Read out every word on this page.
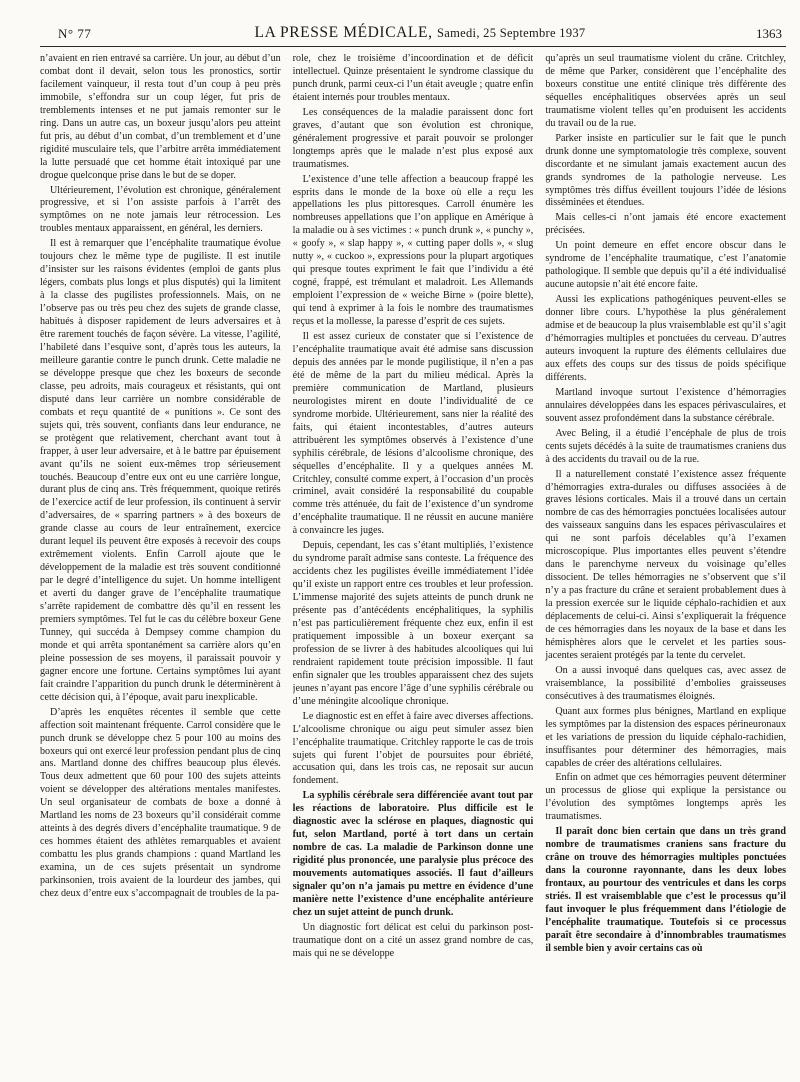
N° 77	LA PRESSE MÉDICALE, Samedi, 25 Septembre 1937	1363

n’avaient en rien entravé sa carrière. Un jour, au début d’un combat dont il devait, selon tous les pronostics, sortir facilement vainqueur, il resta tout d’un coup à peu près immobile, s’effondra sur un coup léger, fut pris de tremblements intenses et ne put jamais remonter sur le ring. Dans un autre cas, un boxeur jusqu’alors peu atteint fut pris, au début d’un combat, d’un tremblement et d’une rigidité musculaire tels, que l’arbitre arrêta immédiatement la lutte persuadé que cet homme était intoxiqué par une drogue quelconque prise dans le but de se doper.

Ultérieurement, l’évolution est chronique, généralement progressive, et si l’on assiste parfois à l’arrêt des symptômes on ne note jamais leur rétrocession. Les troubles mentaux apparaissent, en général, les derniers.

Il est à remarquer que l’encéphalite traumatique évolue toujours chez le même type de pugiliste. Il est inutile d’insister sur les raisons évidentes (emploi de gants plus légers, combats plus longs et plus disputés) qui la limitent à la classe des pugilistes professionnels. Mais, on ne l’observe pas ou très peu chez des sujets de grande classe, habitués à disposer rapidement de leurs adversaires et à être rarement touchés de façon sévère. La vitesse, l’agilité, l’habileté dans l’esquive sont, d’après tous les auteurs, la meilleure garantie contre le punch drunk. Cette maladie ne se développe presque que chez les boxeurs de seconde classe, peu adroits, mais courageux et résistants, qui ont disputé dans leur carrière un nombre considérable de combats et reçu quantité de « punitions ». Ce sont des sujets qui, très souvent, confiants dans leur endurance, ne se protègent que relativement, cherchant avant tout à frapper, à user leur adversaire, et à le battre par épuisement avant qu’ils ne soient eux-mêmes trop sérieusement touchés. Beaucoup d’entre eux ont eu une carrière longue, durant plus de cinq ans. Très fréquemment, quoique retirés de l’exercice actif de leur profession, ils continuent à servir d’adversaires, de « sparring partners » à des boxeurs de grande classe au cours de leur entraînement, exercice durant lequel ils peuvent être exposés à recevoir des coups extrêmement violents. Enfin Carroll ajoute que le développement de la maladie est très souvent conditionné par le degré d’intelligence du sujet. Un homme intelligent et averti du danger grave de l’encéphalite traumatique s’arrête rapidement de combattre dès qu’il en ressent les premiers symptômes. Tel fut le cas du célèbre boxeur Gene Tunney, qui succéda à Dempsey comme champion du monde et qui arrêta spontanément sa carrière alors qu’en pleine possession de ses moyens, il paraissait pouvoir y gagner encore une fortune. Certains symptômes lui ayant fait craindre l’apparition du punch drunk le déterminèrent à cette décision qui, à l’époque, avait paru inexplicable.

D’après les enquêtes récentes il semble que cette affection soit maintenant fréquente. Carrol considère que le punch drunk se développe chez 5 pour 100 au moins des boxeurs qui ont exercé leur profession pendant plus de cinq ans. Martland donne des chiffres beaucoup plus élevés. Tous deux admettent que 60 pour 100 des sujets atteints voient se développer des altérations mentales manifestes. Un seul organisateur de combats de boxe a donné à Martland les noms de 23 boxeurs qu’il considérait comme atteints à des degrés divers d’encéphalite traumatique. 9 de ces hommes étaient des athlètes remarquables et avaient combattu les plus grands champions : quand Martland les examina, un de ces sujets présentait un syndrome parkinsonien, trois avaient de la lourdeur des jambes, qui chez deux d’entre eux s’accompagnait de troubles de la pa-

role, chez le troisième d’incoordination et de déficit intellectuel. Quinze présentaient le syndrome classique du punch drunk, parmi ceux-ci l’un était aveugle ; quatre enfin étaient internés pour troubles mentaux.

Les conséquences de la maladie paraissent donc fort graves, d’autant que son évolution est chronique, généralement progressive et parait pouvoir se prolonger longtemps après que le malade n’est plus exposé aux traumatismes.

L’existence d’une telle affection a beaucoup frappé les esprits dans le monde de la boxe où elle a reçu les appellations les plus pittoresques. Carroll énumère les nombreuses appellations que l’on applique en Amérique à la maladie ou à ses victimes : « punch drunk », « punchy », « goofy », « slap happy », « cutting paper dolls », « slug nutty », « cuckoo », expressions pour la plupart argotiques qui presque toutes expriment le fait que l’individu a été cogné, frappé, est trémulant et maladroit. Les Allemands emploient l’expression de « weiche Birne » (poire blette), qui tend à exprimer à la fois le nombre des traumatismes reçus et la mollesse, la paresse d’esprit de ces sujets.

Il est assez curieux de constater que si l’existence de l’encéphalite traumatique avait été admise sans discussion depuis des années par le monde pugilistique, il n’en a pas été de même de la part du milieu médical. Après la première communication de Martland, plusieurs neurologistes mirent en doute l’individualité de ce syndrome morbide. Ultérieurement, sans nier la réalité des faits, qui étaient incontestables, d’autres auteurs attribuèrent les symptômes observés à l’existence d’une syphilis cérébrale, de lésions d’alcoolisme chronique, des séquelles d’encéphalite. Il y a quelques années M. Critchley, consulté comme expert, à l’occasion d’un procès criminel, avait considéré la responsabilité du coupable comme très atténuée, du fait de l’existence d’un syndrome d’encéphalite traumatique. Il ne réussit en aucune manière à convaincre les juges.

Depuis, cependant, les cas s’étant multipliés, l’existence du syndrome paraît admise sans conteste. La fréquence des accidents chez les pugilistes éveille immédiatement l’idée qu’il existe un rapport entre ces troubles et leur profession. L’immense majorité des sujets atteints de punch drunk ne présente pas d’antécédents encéphalitiques, la syphilis n’est pas particulièrement fréquente chez eux, enfin il est pratiquement impossible à un boxeur exerçant sa profession de se livrer à des habitudes alcooliques qui lui rendraient rapidement toute précision impossible. Il faut enfin signaler que les troubles apparaissent chez des sujets jeunes n’ayant pas encore l’âge d’une syphilis cérébrale ou d’une méningite alcoolique chronique.

Le diagnostic est en effet à faire avec diverses affections. L’alcoolisme chronique ou aigu peut simuler assez bien l’encéphalite traumatique. Critchley rapporte le cas de trois sujets qui furent l’objet de poursuites pour ébriété, accusation qui, dans les trois cas, ne reposait sur aucun fondement.

La syphilis cérébrale sera différenciée avant tout par les réactions de laboratoire. Plus difficile est le diagnostic avec la sclérose en plaques, diagnostic qui fut, selon Martland, porté à tort dans un certain nombre de cas. La maladie de Parkinson donne une rigidité plus prononcée, une paralysie plus précoce des mouvements automatiques associés. Il faut d’ailleurs signaler qu’on n’a jamais pu mettre en évidence d’une manière nette l’existence d’une encéphalite antérieure chez un sujet atteint de punch drunk.

Un diagnostic fort délicat est celui du parkinson post-traumatique dont on a cité un assez grand nombre de cas, mais qui ne se développe

qu’après un seul traumatisme violent du crâne. Critchley, de même que Parker, considèrent que l’encéphalite des boxeurs constitue une entité clinique très différente des séquelles encéphalitiques observées après un seul traumatisme violent telles qu’en produisent les accidents du travail ou de la rue.

Parker insiste en particulier sur le fait que le punch drunk donne une symptomatologie très complexe, souvent discordante et ne simulant jamais exactement aucun des grands syndromes de la pathologie nerveuse. Les symptômes très diffus éveillent toujours l’idée de lésions disséminées et étendues.

Mais celles-ci n’ont jamais été encore exactement précisées.

Un point demeure en effet encore obscur dans le syndrome de l’encéphalite traumatique, c’est l’anatomie pathologique. Il semble que depuis qu’il a été individualisé aucune autopsie n’ait été encore faite.

Aussi les explications pathogéniques peuvent-elles se donner libre cours. L’hypothèse la plus généralement admise et de beaucoup la plus vraisemblable est qu’il s’agit d’hémorragies multiples et ponctuées du cerveau. D’autres auteurs invoquent la rupture des éléments cellulaires due aux effets des coups sur des tissus de poids spécifique différents.

Martland invoque surtout l’existence d’hémorragies annulaires développées dans les espaces périvasculaires, et souvent assez profondément dans la substance cérébrale.

Avec Beling, il a étudié l’encéphale de plus de trois cents sujets décédés à la suite de traumatismes craniens dus à des accidents du travail ou de la rue.

Il a naturellement constaté l’existence assez fréquente d’hémorragies extra-durales ou diffuses associées à de graves lésions corticales. Mais il a trouvé dans un certain nombre de cas des hémorragies ponctuées localisées autour des vaisseaux sanguins dans les espaces périvasculaires et qui ne sont parfois décelables qu’à l’examen microscopique. Plus importantes elles peuvent s’étendre dans le parenchyme nerveux du voisinage qu’elles dissocient. De telles hémorragies ne s’observent que s’il n’y a pas fracture du crâne et seraient probablement dues à la pression exercée sur le liquide céphalo-rachidien et aux déplacements de celui-ci. Ainsi s’expliquerait la fréquence de ces hémorragies dans les noyaux de la base et dans les hémisphères alors que le cervelet et les parties sous-jacentes seraient protégés par la tente du cervelet.

On a aussi invoqué dans quelques cas, avec assez de vraisemblance, la possibilité d’embolies graisseuses consécutives à des traumatismes éloignés.

Quant aux formes plus bénignes, Martland en explique les symptômes par la distension des espaces périneuronaux et les variations de pression du liquide céphalo-rachidien, insuffisantes pour déterminer des hémorragies, mais capables de créer des altérations cellulaires.

Enfin on admet que ces hémorragies peuvent déterminer un processus de gliose qui explique la persistance ou l’évolution des symptômes longtemps après les traumatismes.

Il paraît donc bien certain que dans un très grand nombre de traumatismes craniens sans fracture du crâne on trouve des hémorragies multiples ponctuées dans la couronne rayonnante, dans les deux lobes frontaux, au pourtour des ventricules et dans les corps striés. Il est vraisemblable que c’est le processus qu’il faut invoquer le plus fréquemment dans l’étiologie de l’encéphalite traumatique. Toutefois si ce processus paraît être secondaire à d’innombrables traumatismes il semble bien y avoir certains cas où
